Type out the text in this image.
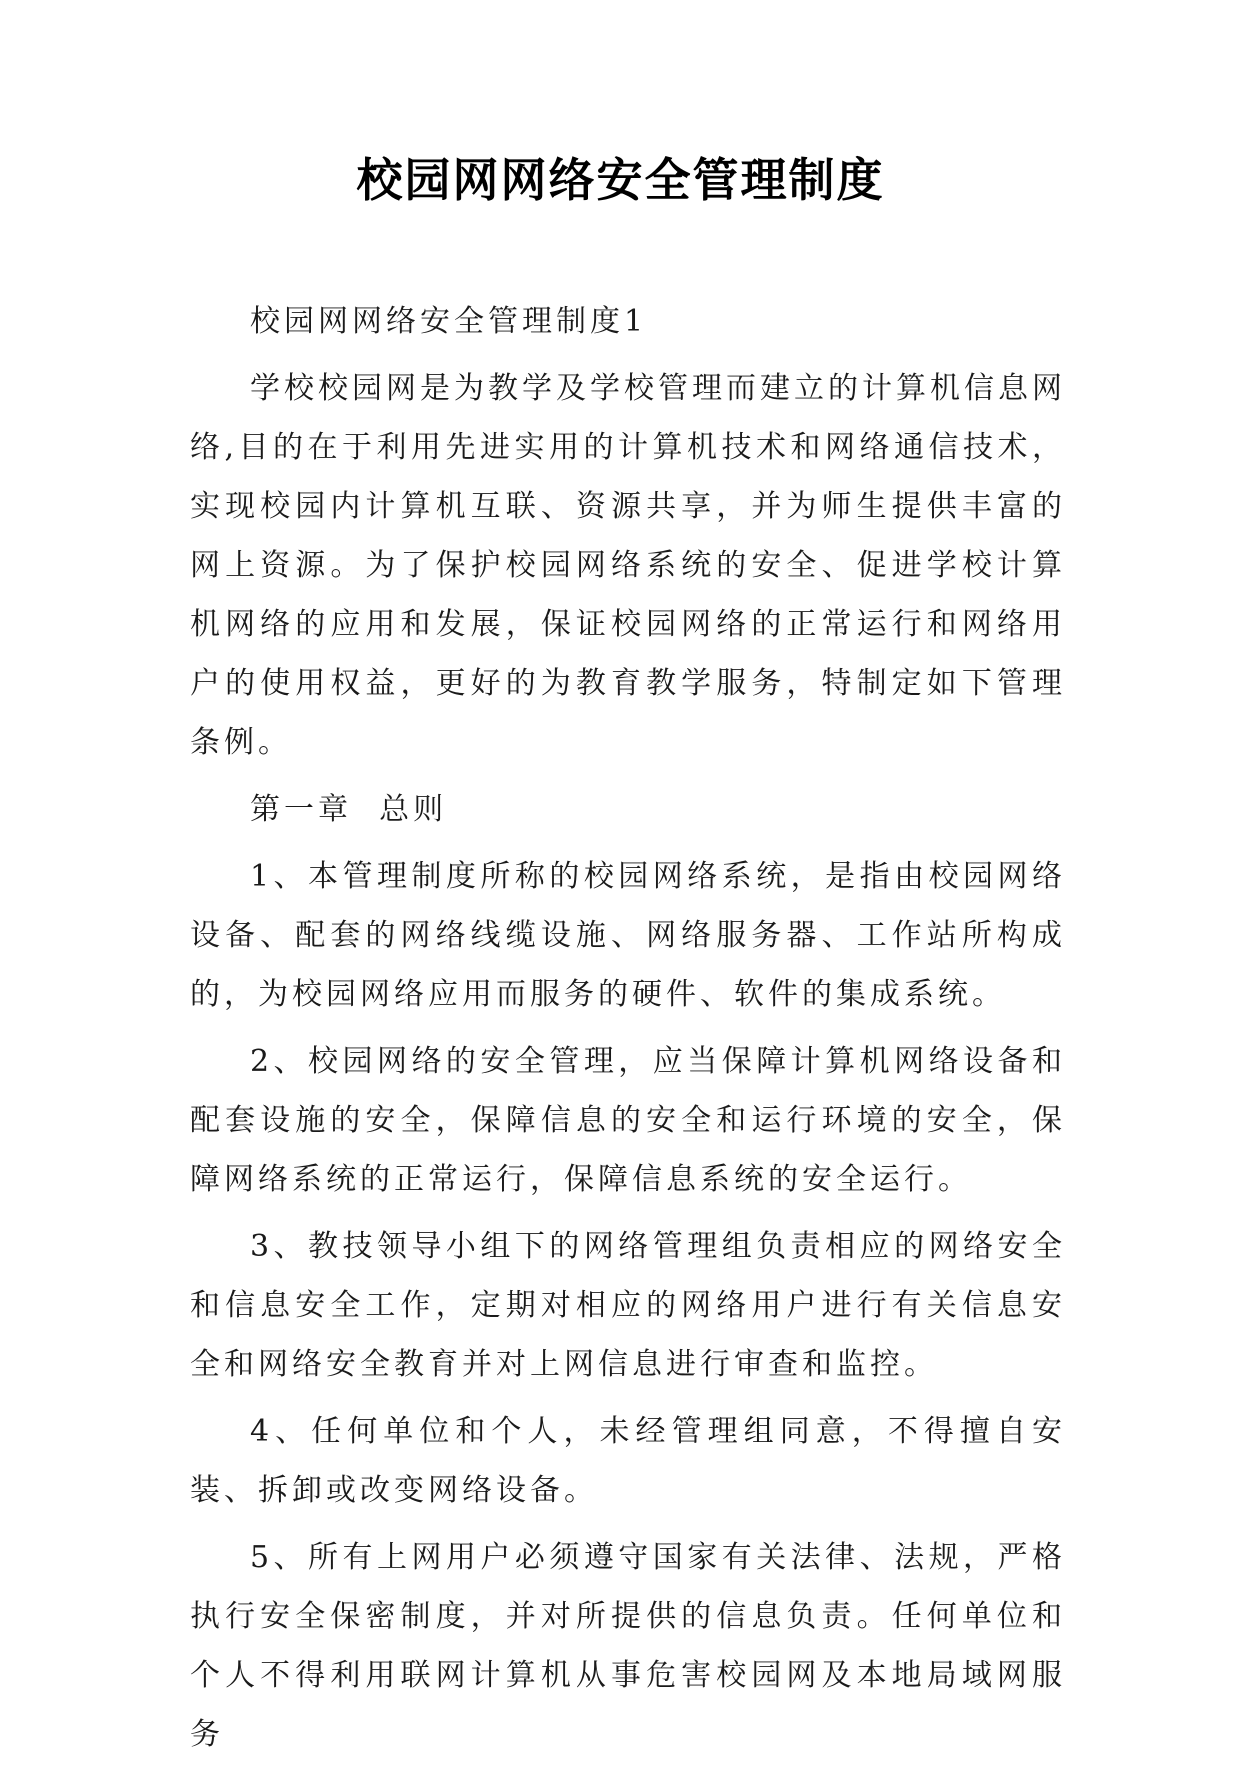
校园网网络安全管理制度

校园网网络安全管理制度1

学校校园网是为教学及学校管理而建立的计算机信息网络,目的在于利用先进实用的计算机技术和网络通信技术，实现校园内计算机互联、资源共享，并为师生提供丰富的网上资源。为了保护校园网络系统的安全、促进学校计算机网络的应用和发展，保证校园网络的正常运行和网络用户的使用权益，更好的为教育教学服务，特制定如下管理条例。

第一章  总则

1、本管理制度所称的校园网络系统，是指由校园网络设备、配套的网络线缆设施、网络服务器、工作站所构成的，为校园网络应用而服务的硬件、软件的集成系统。

2、校园网络的安全管理，应当保障计算机网络设备和配套设施的安全，保障信息的安全和运行环境的安全，保障网络系统的正常运行，保障信息系统的安全运行。

3、教技领导小组下的网络管理组负责相应的网络安全和信息安全工作，定期对相应的网络用户进行有关信息安全和网络安全教育并对上网信息进行审查和监控。

4、任何单位和个人，未经管理组同意，不得擅自安装、拆卸或改变网络设备。

5、所有上网用户必须遵守国家有关法律、法规，严格执行安全保密制度，并对所提供的信息负责。任何单位和个人不得利用联网计算机从事危害校园网及本地局域网服务
